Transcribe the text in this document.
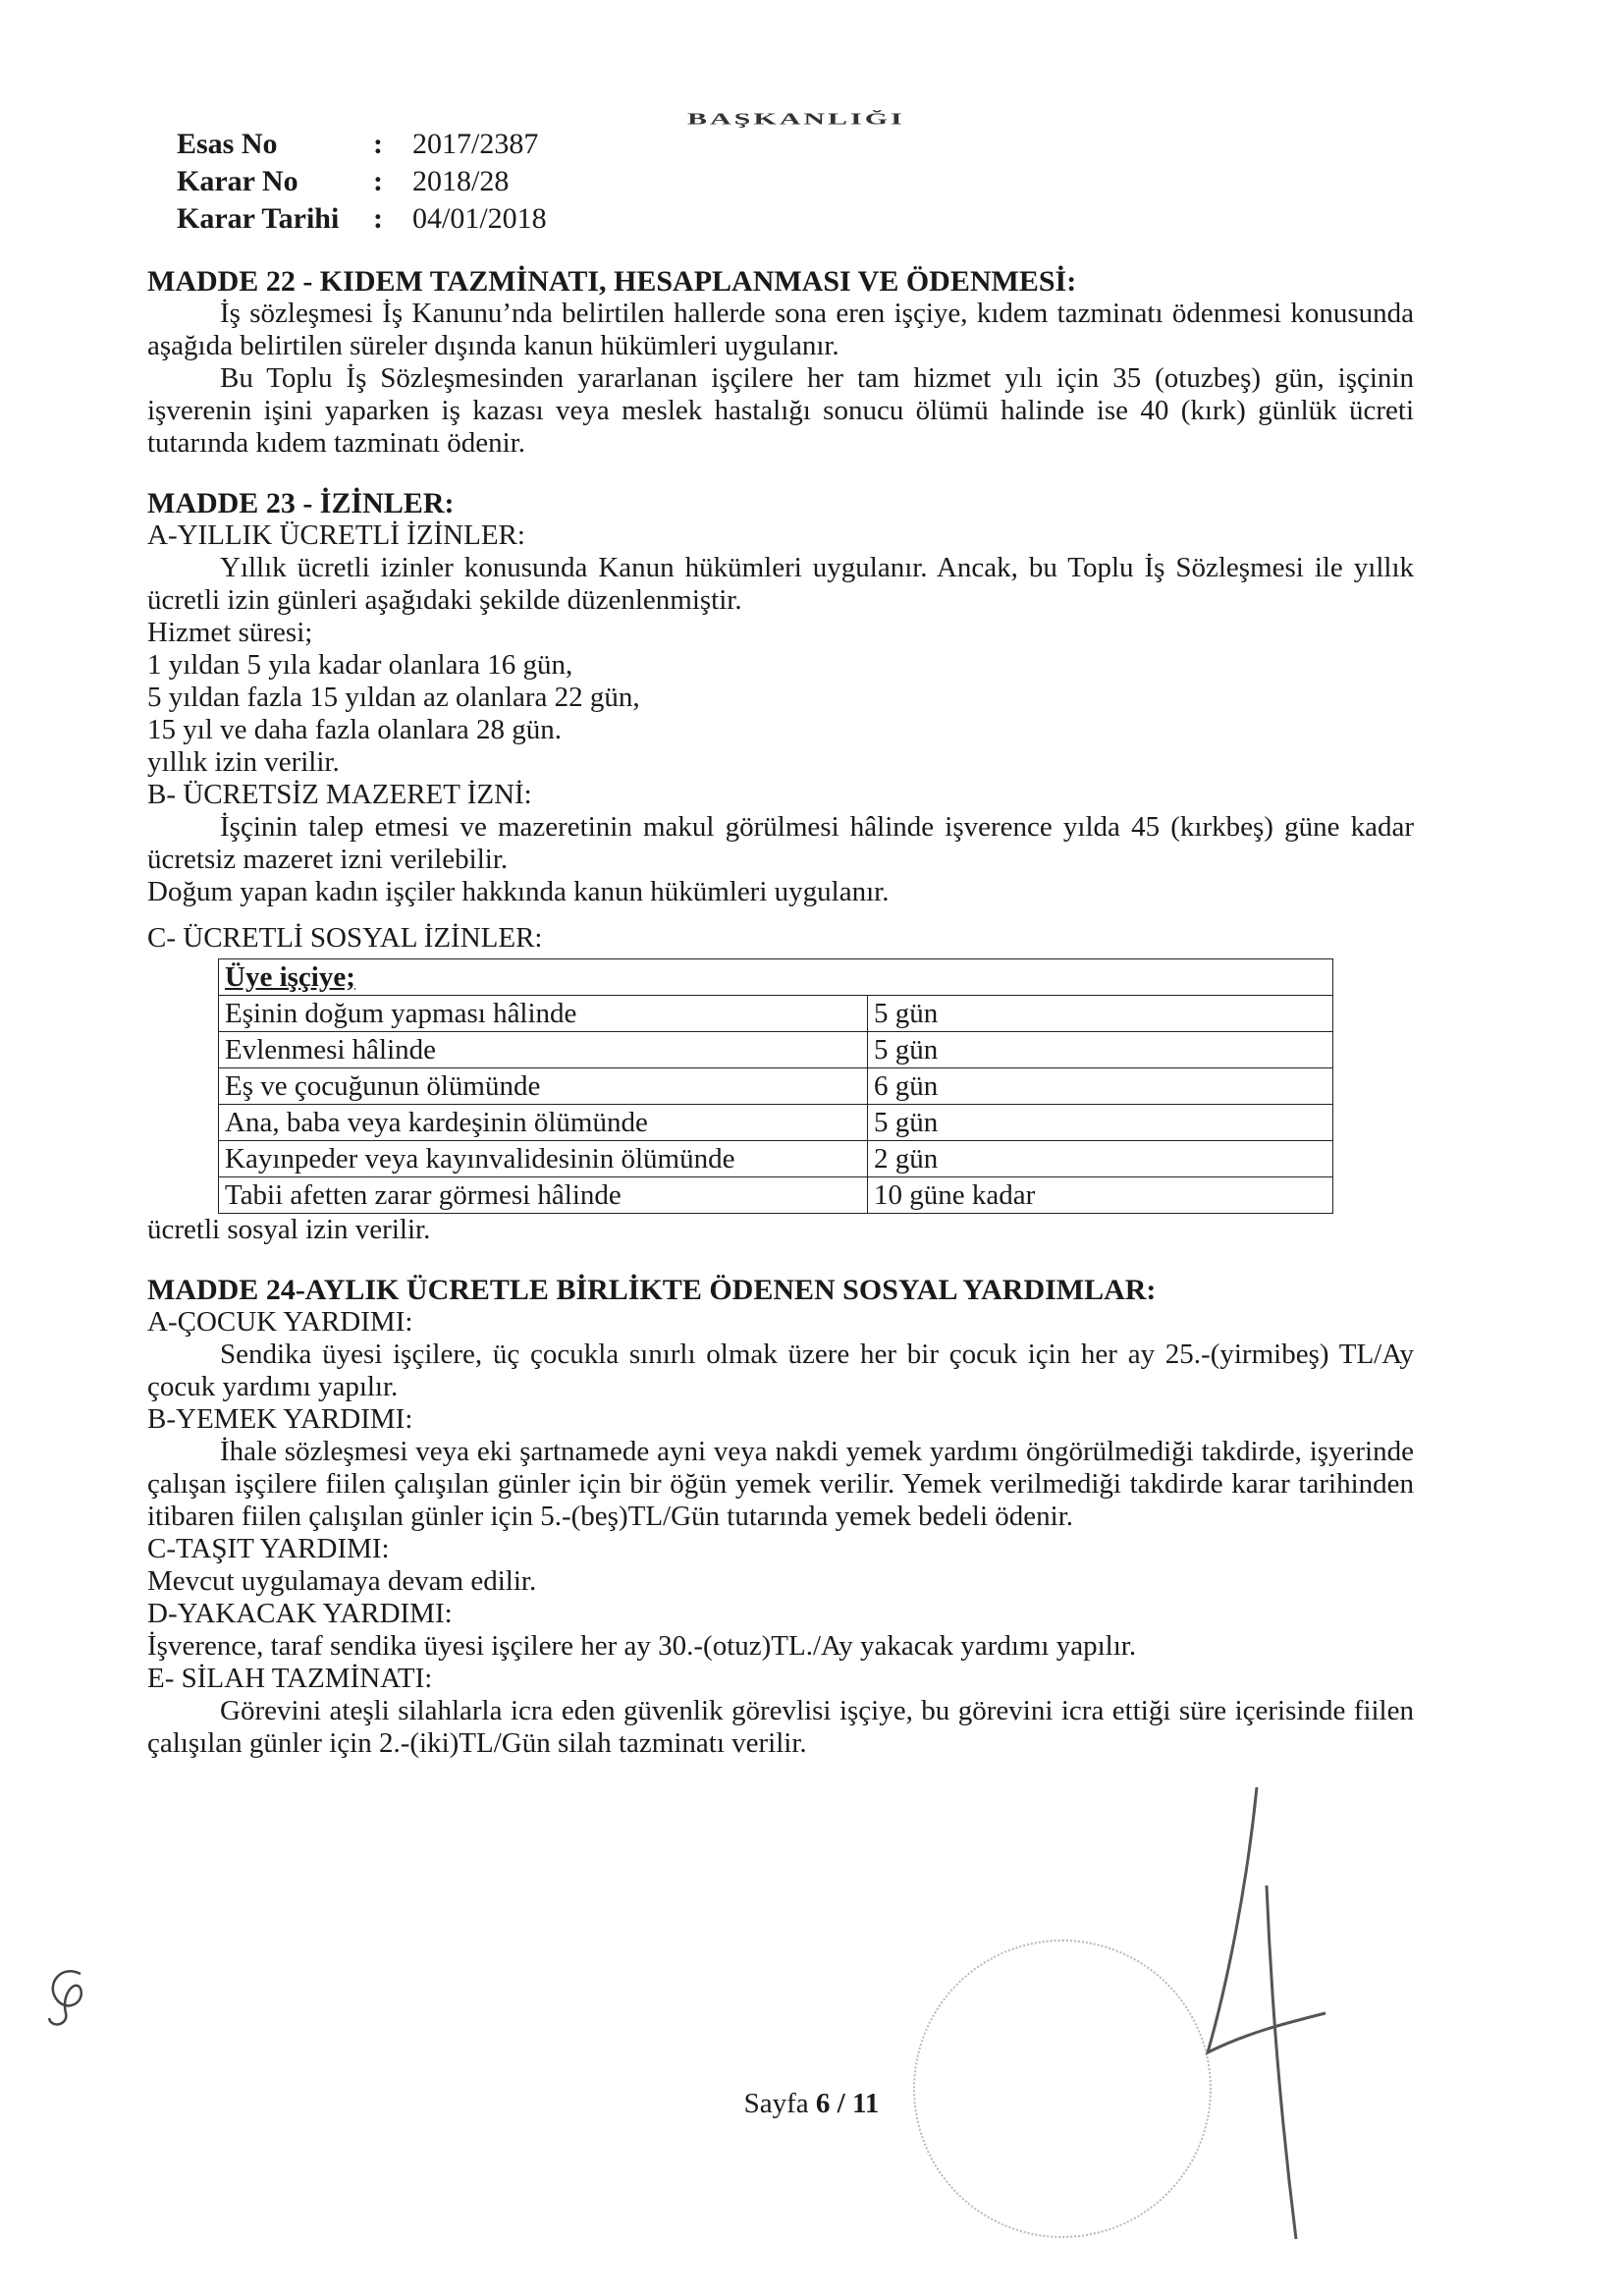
BAŞKANLIĞI
Esas No	:	2017/2387
Karar No	:	2018/28
Karar Tarihi	:	04/01/2018

MADDE 22 - KIDEM TAZMİNATI, HESAPLANMASI VE ÖDENMESİ:

İş sözleşmesi İş Kanunu’nda belirtilen hallerde sona eren işçiye, kıdem tazminatı ödenmesi konusunda aşağıda belirtilen süreler dışında kanun hükümleri uygulanır.

Bu Toplu İş Sözleşmesinden yararlanan işçilere her tam hizmet yılı için 35 (otuzbeş) gün, işçinin işverenin işini yaparken iş kazası veya meslek hastalığı sonucu ölümü halinde ise 40 (kırk) günlük ücreti tutarında kıdem tazminatı ödenir.

MADDE 23 - İZİNLER:

A-YILLIK ÜCRETLİ İZİNLER:

Yıllık ücretli izinler konusunda Kanun hükümleri uygulanır. Ancak, bu Toplu İş Sözleşmesi ile yıllık ücretli izin günleri aşağıdaki şekilde düzenlenmiştir.

Hizmet süresi;

1 yıldan 5 yıla kadar olanlara 16 gün,

5 yıldan fazla 15 yıldan az olanlara 22 gün,

15 yıl ve daha fazla olanlara 28 gün.

yıllık izin verilir.

B- ÜCRETSİZ MAZERET İZNİ:

İşçinin talep etmesi ve mazeretinin makul görülmesi hâlinde işverence yılda 45 (kırkbeş) güne kadar ücretsiz mazeret izni verilebilir.

Doğum yapan kadın işçiler hakkında kanun hükümleri uygulanır.

C- ÜCRETLİ SOSYAL İZİNLER:

Üye işçiye;	
Eşinin doğum yapması hâlinde	5 gün
Evlenmesi hâlinde	5 gün
Eş ve çocuğunun ölümünde	6 gün
Ana, baba veya kardeşinin ölümünde	5 gün
Kayınpeder veya kayınvalidesinin ölümünde	2 gün
Tabii afetten zarar görmesi hâlinde	10 güne kadar

ücretli sosyal izin verilir.

MADDE 24-AYLIK ÜCRETLE BİRLİKTE ÖDENEN SOSYAL YARDIMLAR:

A-ÇOCUK YARDIMI:

Sendika üyesi işçilere, üç çocukla sınırlı olmak üzere her bir çocuk için her ay 25.-(yirmibeş) TL/Ay çocuk yardımı yapılır.

B-YEMEK YARDIMI:

İhale sözleşmesi veya eki şartnamede ayni veya nakdi yemek yardımı öngörülmediği takdirde, işyerinde çalışan işçilere fiilen çalışılan günler için bir öğün yemek verilir. Yemek verilmediği takdirde karar tarihinden itibaren fiilen çalışılan günler için 5.-(beş)TL/Gün tutarında yemek bedeli ödenir.

C-TAŞIT YARDIMI:

Mevcut uygulamaya devam edilir.

D-YAKACAK YARDIMI:

İşverence, taraf sendika üyesi işçilere her ay 30.-(otuz)TL./Ay yakacak yardımı yapılır.

E- SİLAH TAZMİNATI:

Görevini ateşli silahlarla icra eden güvenlik görevlisi işçiye, bu görevini icra ettiği süre içerisinde fiilen çalışılan günler için 2.-(iki)TL/Gün silah tazminatı verilir.

Sayfa 6 / 11
